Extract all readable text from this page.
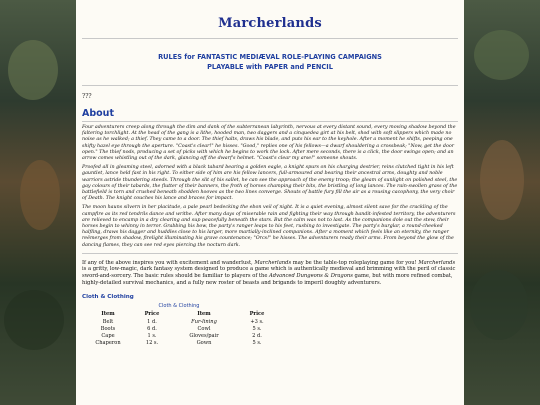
Marcherlands
RULES for FANTASTIC MEDIÆVAL ROLE-PLAYING CAMPAIGNS
PLAYABLE with PAPER and PENCIL
???
About

Four adventurers creep along through the dim and dank of the subterranean labyrinth, nervous at every distant sound, every moving shadow beyond the faltering torchlight. At the head of the gang is a lithe, hooded man, two daggers and a cinquedea girt at his belt, shod with soft slippers which made no noise as he walked; a thief. They came to a door. The thief halts, draws his blade, and puts his ear to the keyhole. After a moment he shifts, peeping one shifty hazel eye through the aperture. "Coast's clear!" he hisses. "Good," replies one of his fellows—a dwarf shouldering a crossbeak; "Now, get the door open." The thief nods, producing a set of picks with which he begins to work the lock. After mere seconds, there is a click, the door swings open; and an arrow comes whistling out of the dark, glancing off the dwarf's helmet. "Coast's clear my arse!" someone shouts.

Proofed all in gleaming steel, adorned with a black tabard bearing a golden eagle, a knight spurs on his charging destrier, reins clutched tight in his left gauntlet, lance held fast in his right. To either side of him are his fellow lancers, full-armoured and bearing their ancestral arms, doughty and noble warriors astride thundering steeds. Through the slit of his sallet, he can see the approach of the enemy troop; the gleam of sunlight on polished steel, the gay colours of their tabards, the flutter of their banners, the froth of horses champing their bits, the bristling of long lances. The rain-swollen grass of the battlefield is torn and crushed beneath shodden hooves as the two lines converge. Shouts of battle fury fill the air as a rousing cacophony, the very choir of Death. The knight couches his lance and braces for impact.

The moon hauns silvern in her placitude, a pale pearl bedecking the ebon veil of night. It is a quiet evening, almost silent save for the crackling of the campfire as its red tendrils dance and writhe. After many days of miserable rain and fighting their way through bandit-infested territory, the adventurers are relieved to encamp in a dry clearing and sup peacefully beneath the stars. But the calm was not to last. As the companions dole out the stew, their horses begin to whinny in terror. Grabbing his bow, the party's ranger leaps to his feet, rushing to investigate. The party's burglar, a round-cheeked halfling, draws his dagger and huddles close to his larger, more martially-inclined companions. After a moment which feels like an eternity, the ranger reëmerges from shadow, firelight illuminating his grave countenance; "Orcs!" he hisses. The adventurers ready their arms. From beyond the glow of the dancing flames, they can see red eyes piercing the nocturn dark.

If any of the above inspires you with excitement and wanderlust, Marcherlands may be the table-top roleplaying game for you! Marcherlands is a gritty, low-magic, dark fantasy system designed to produce a game which is authentically medieval and brimming with the peril of classic sword-and-sorcery. The basic rules should be familiar to players of the Advanced Dungeons & Dragons game, but with more refined combat, highly-detailed survival mechanics, and a fully new roster of beasts and brigands to imperil doughty adventurers.
Cloth & Clothing
Cloth & Clothing
Item	Price	Item	Price
Belt	1 d.	Fur-lining	+3 s.
Boots	6 d.	Cowl	5 s.
Cape	1 s.	Gloves/pair	2 d.
Chaperon	12 s.	Gown	5 s.
